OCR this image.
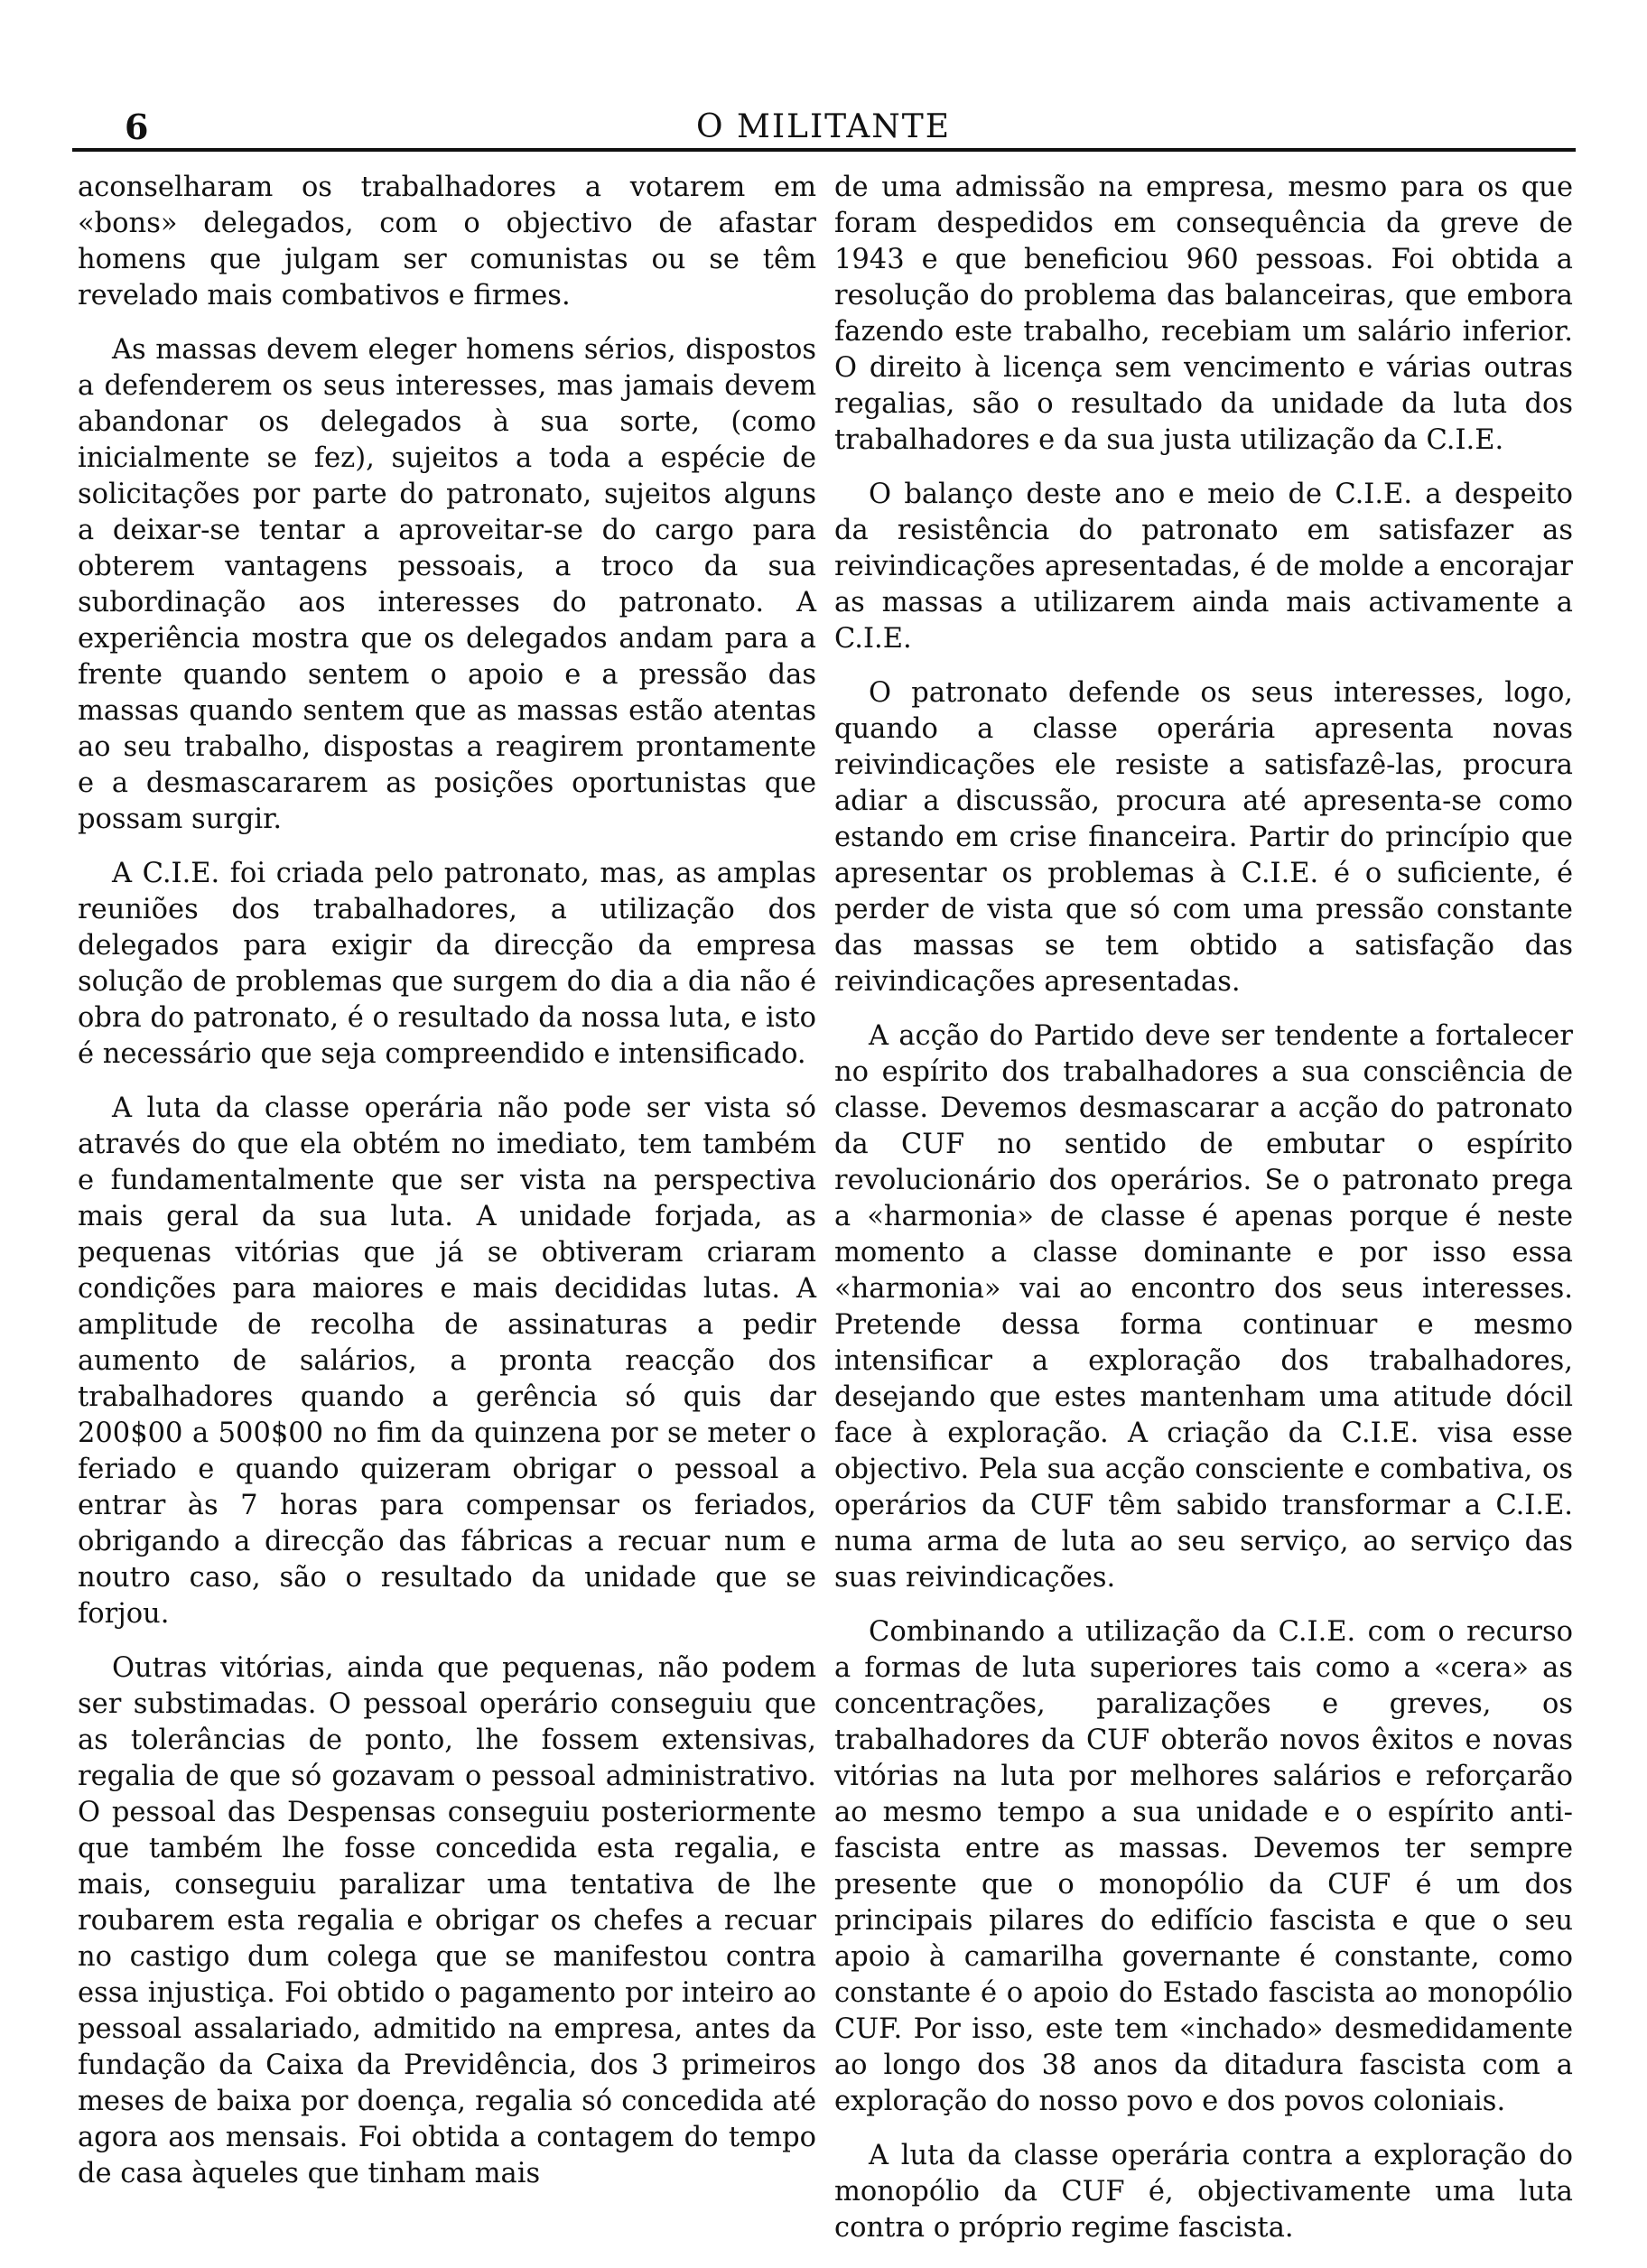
6	O MILITANTE

aconselharam os trabalhadores a votarem em «bons» delegados, com o objectivo de afastar homens que julgam ser comunistas ou se têm revelado mais combativos e firmes.

As massas devem eleger homens sérios, dispostos a defenderem os seus interesses, mas jamais devem abandonar os delegados à sua sorte, (como inicialmente se fez), sujeitos a toda a espécie de solicitações por parte do patronato, sujeitos alguns a deixar-se tentar a aproveitar-se do cargo para obterem vantagens pessoais, a troco da sua subordinação aos interesses do patronato. A experiência mostra que os delegados andam para a frente quando sentem o apoio e a pressão das massas quando sentem que as massas estão atentas ao seu trabalho, dispostas a reagirem prontamente e a desmascararem as posições oportunistas que possam surgir.

A C.I.E. foi criada pelo patronato, mas, as amplas reuniões dos trabalhadores, a utilização dos delegados para exigir da direcção da empresa solução de problemas que surgem do dia a dia não é obra do patronato, é o resultado da nossa luta, e isto é necessário que seja compreendido e intensificado.

A luta da classe operária não pode ser vista só através do que ela obtém no imediato, tem também e fundamentalmente que ser vista na perspectiva mais geral da sua luta. A unidade forjada, as pequenas vitórias que já se obtiveram criaram condições para maiores e mais decididas lutas. A amplitude de recolha de assinaturas a pedir aumento de salários, a pronta reacção dos trabalhadores quando a gerência só quis dar 200$00 a 500$00 no fim da quinzena por se meter o feriado e quando quizeram obrigar o pessoal a entrar às 7 horas para compensar os feriados, obrigando a direcção das fábricas a recuar num e noutro caso, são o resultado da unidade que se forjou.

Outras vitórias, ainda que pequenas, não podem ser substimadas. O pessoal operário conseguiu que as tolerâncias de ponto, lhe fossem extensivas, regalia de que só gozavam o pessoal administrativo. O pessoal das Despensas conseguiu posteriormente que também lhe fosse concedida esta regalia, e mais, conseguiu paralizar uma tentativa de lhe roubarem esta regalia e obrigar os chefes a recuar no castigo dum colega que se manifestou contra essa injustiça. Foi obtido o pagamento por inteiro ao pessoal assalariado, admitido na empresa, antes da fundação da Caixa da Previdência, dos 3 primeiros meses de baixa por doença, regalia só concedida até agora aos mensais. Foi obtida a contagem do tempo de casa àqueles que tinham mais

de uma admissão na empresa, mesmo para os que foram despedidos em consequência da greve de 1943 e que beneficiou 960 pessoas. Foi obtida a resolução do problema das balanceiras, que embora fazendo este trabalho, recebiam um salário inferior. O direito à licença sem vencimento e várias outras regalias, são o resultado da unidade da luta dos trabalhadores e da sua justa utilização da C.I.E.

O balanço deste ano e meio de C.I.E. a despeito da resistência do patronato em satisfazer as reivindicações apresentadas, é de molde a encorajar as massas a utilizarem ainda mais activamente a C.I.E.

O patronato defende os seus interesses, logo, quando a classe operária apresenta novas reivindicações ele resiste a satisfazê-las, procura adiar a discussão, procura até apresenta-se como estando em crise financeira. Partir do princípio que apresentar os problemas à C.I.E. é o suficiente, é perder de vista que só com uma pressão constante das massas se tem obtido a satisfação das reivindicações apresentadas.

A acção do Partido deve ser tendente a fortalecer no espírito dos trabalhadores a sua consciência de classe. Devemos desmascarar a acção do patronato da CUF no sentido de embutar o espírito revolucionário dos operários. Se o patronato prega a «harmonia» de classe é apenas porque é neste momento a classe dominante e por isso essa «harmonia» vai ao encontro dos seus interesses. Pretende dessa forma continuar e mesmo intensificar a exploração dos trabalhadores, desejando que estes mantenham uma atitude dócil face à exploração. A criação da C.I.E. visa esse objectivo. Pela sua acção consciente e combativa, os operários da CUF têm sabido transformar a C.I.E. numa arma de luta ao seu serviço, ao serviço das suas reivindicações.

Combinando a utilização da C.I.E. com o recurso a formas de luta superiores tais como a «cera» as concentrações, paralizações e greves, os trabalhadores da CUF obterão novos êxitos e novas vitórias na luta por melhores salários e reforçarão ao mesmo tempo a sua unidade e o espírito anti-fascista entre as massas. Devemos ter sempre presente que o monopólio da CUF é um dos principais pilares do edifício fascista e que o seu apoio à camarilha governante é constante, como constante é o apoio do Estado fascista ao monopólio CUF. Por isso, este tem «inchado» desmedidamente ao longo dos 38 anos da ditadura fascista com a exploração do nosso povo e dos povos coloniais.

A luta da classe operária contra a exploração do monopólio da CUF é, objectivamente uma luta contra o próprio regime fascista.
